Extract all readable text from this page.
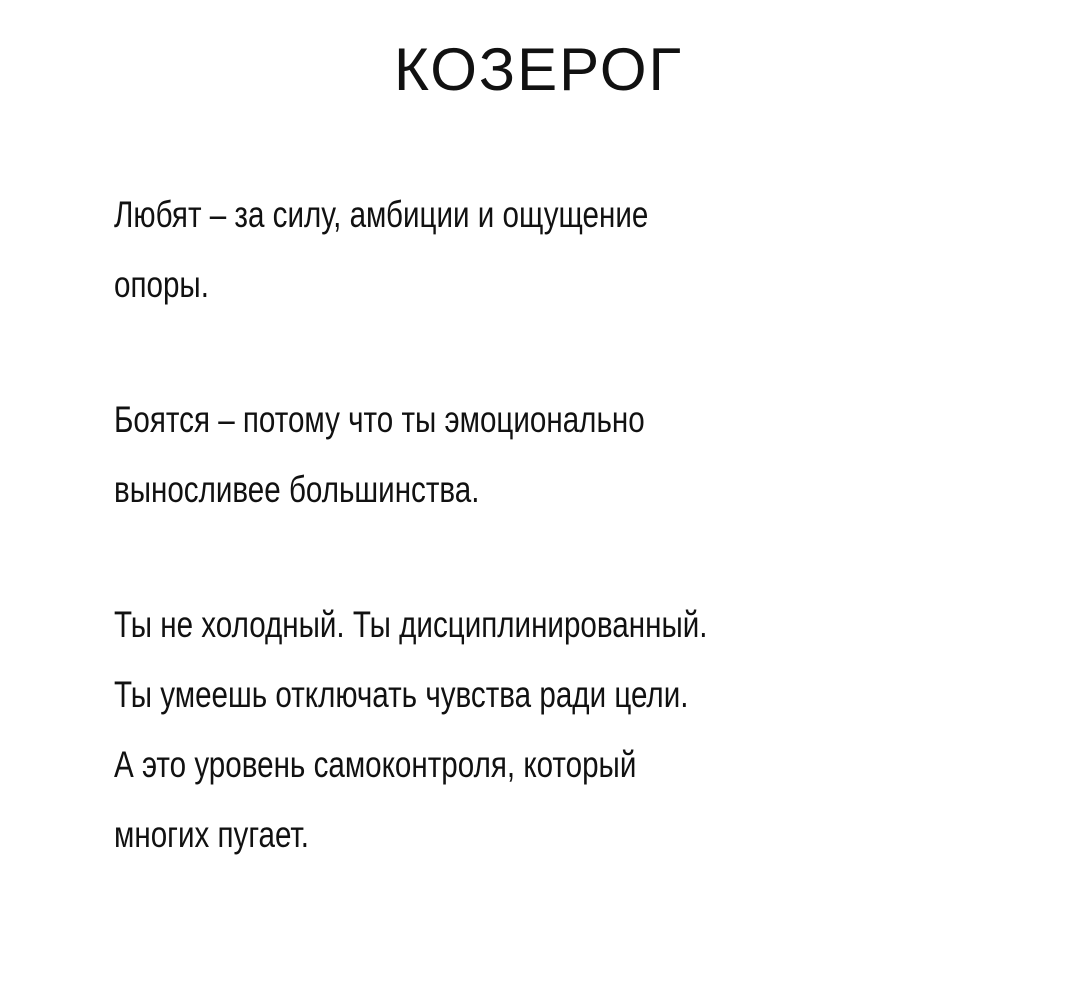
КОЗЕРОГ
Любят – за силу, амбиции и ощущение
опоры.
Боятся – потому что ты эмоционально
выносливее большинства.
Ты не холодный. Ты дисциплинированный.
Ты умеешь отключать чувства ради цели.
А это уровень самоконтроля, который
многих пугает.
